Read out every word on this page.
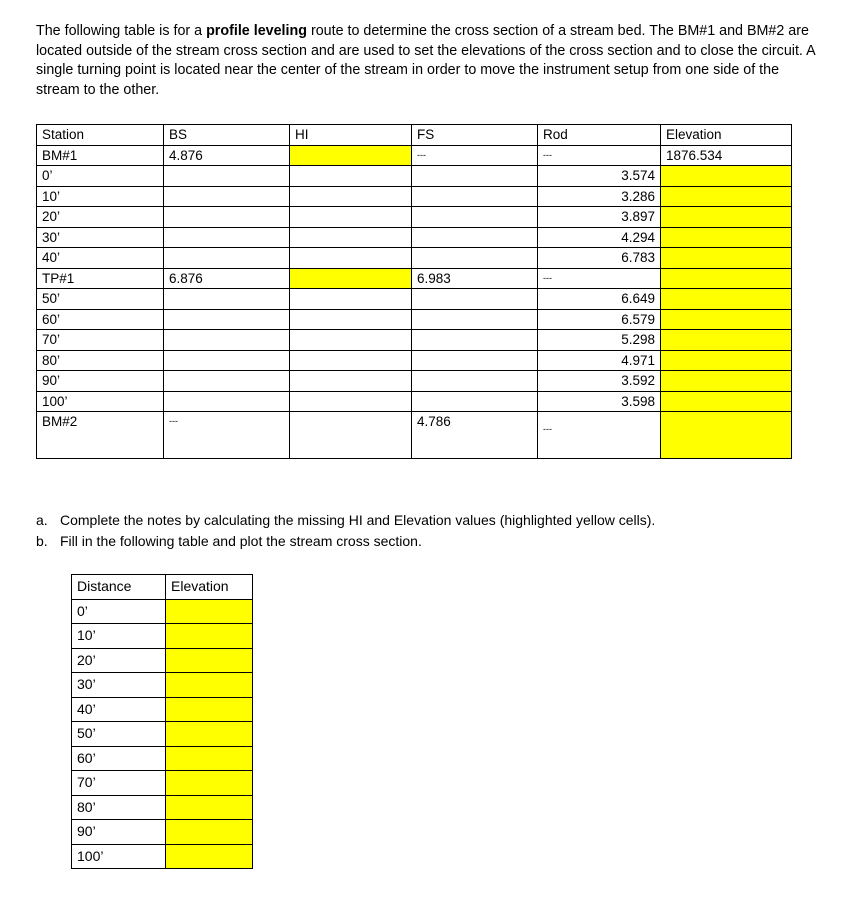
The following table is for a profile leveling route to determine the cross section of a stream bed. The BM#1 and BM#2 are located outside of the stream cross section and are used to set the elevations of the cross section and to close the circuit. A single turning point is located near the center of the stream in order to move the instrument setup from one side of the stream to the other.

Station	BS	HI	FS	Rod	Elevation
BM#1	4.876		---	---	1876.534
0’				3.574	
10’				3.286	
20’				3.897	
30’				4.294	
40’				6.783	
TP#1	6.876		6.983	---	
50’				6.649	
60’				6.579	
70’				5.298	
80’				4.971	
90’				3.592	
100’				3.598	
BM#2	---		4.786	---	
a. Complete the notes by calculating the missing HI and Elevation values (highlighted yellow cells).
b. Fill in the following table and plot the stream cross section.
Distance	Elevation
0’	
10’	
20’	
30’	
40’	
50’	
60’	
70’	
80’	
90’	
100’	
